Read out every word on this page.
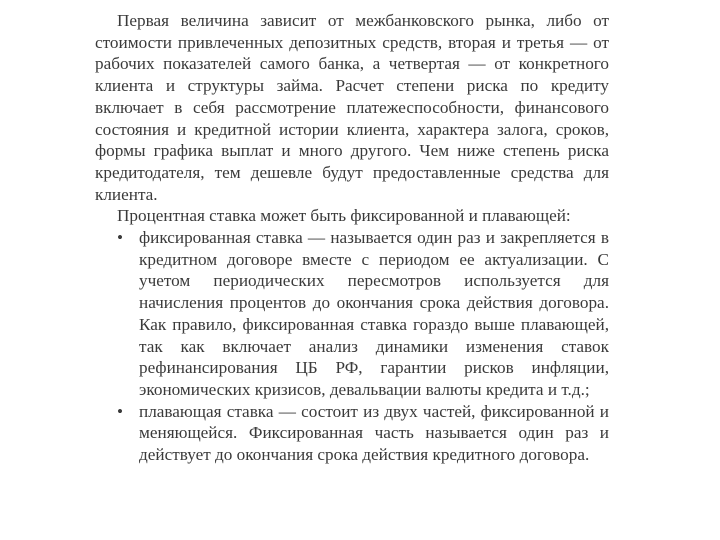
Первая величина зависит от межбанковского рынка, либо от стоимости привлеченных депозитных средств, вторая и третья — от рабочих показателей самого банка, а четвертая — от конкретного клиента и структуры займа. Расчет степени риска по кредиту включает в себя рассмотрение платежеспособности, финансового состояния и кредитной истории клиента, характера залога, сроков, формы графика выплат и много другого. Чем ниже степень риска кредитодателя, тем дешевле будут предоставленные средства для клиента.

Процентная ставка может быть фиксированной и плавающей:

• фиксированная ставка — называется один раз и закрепляется в кредитном договоре вместе с периодом ее актуализации. С учетом периодических пересмотров используется для начисления процентов до окончания срока действия договора. Как правило, фиксированная ставка гораздо выше плавающей, так как включает анализ динамики изменения ставок рефинансирования ЦБ РФ, гарантии рисков инфляции, экономических кризисов, девальвации валюты кредита и т.д.;
• плавающая ставка — состоит из двух частей, фиксированной и меняющейся. Фиксированная часть называется один раз и действует до окончания срока действия кредитного договора.
